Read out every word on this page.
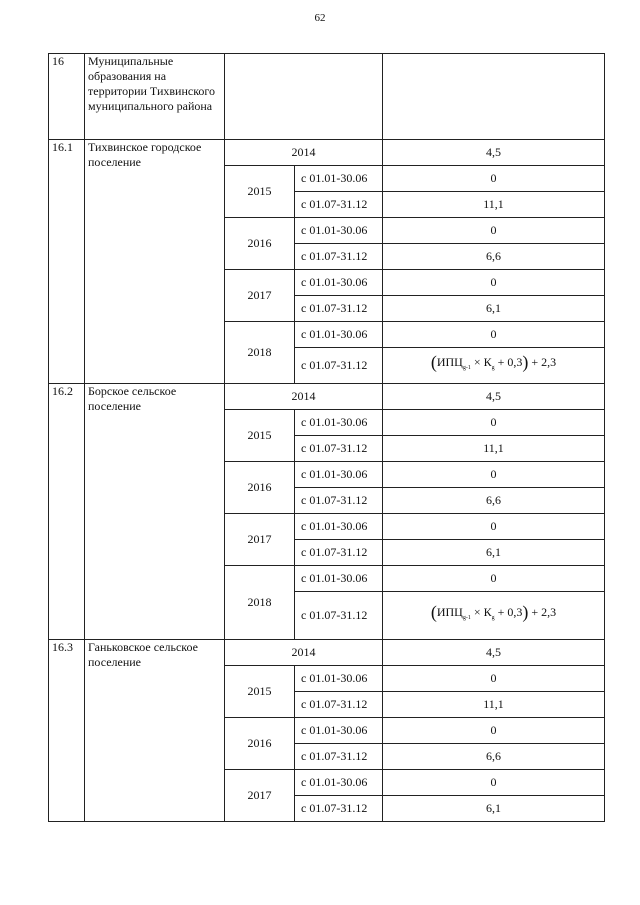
62
16	Муниципальные образования на территории Тихвинского муниципального района			
16.1	Тихвинское городское поселение	2014		4,5
		2015	с 01.01-30.06	0
			с 01.07-31.12	11,1
		2016	с 01.01-30.06	0
			с 01.07-31.12	6,6
		2017	с 01.01-30.06	0
			с 01.07-31.12	6,1
		2018	с 01.01-30.06	0
			с 01.07-31.12	$(ИПЦ_{g-1} \times К_g + 0,3) + 2,3$
16.2	Борское сельское поселение	2014		4,5
		2015	с 01.01-30.06	0
			с 01.07-31.12	11,1
		2016	с 01.01-30.06	0
			с 01.07-31.12	6,6
		2017	с 01.01-30.06	0
			с 01.07-31.12	6,1
		2018	с 01.01-30.06	0
			с 01.07-31.12	$(ИПЦ_{g-1} \times К_g + 0,3) + 2,3$
16.3	Ганьковское сельское поселение	2014		4,5
		2015	с 01.01-30.06	0
			с 01.07-31.12	11,1
		2016	с 01.01-30.06	0
			с 01.07-31.12	6,6
		2017	с 01.01-30.06	0
			с 01.07-31.12	6,1
